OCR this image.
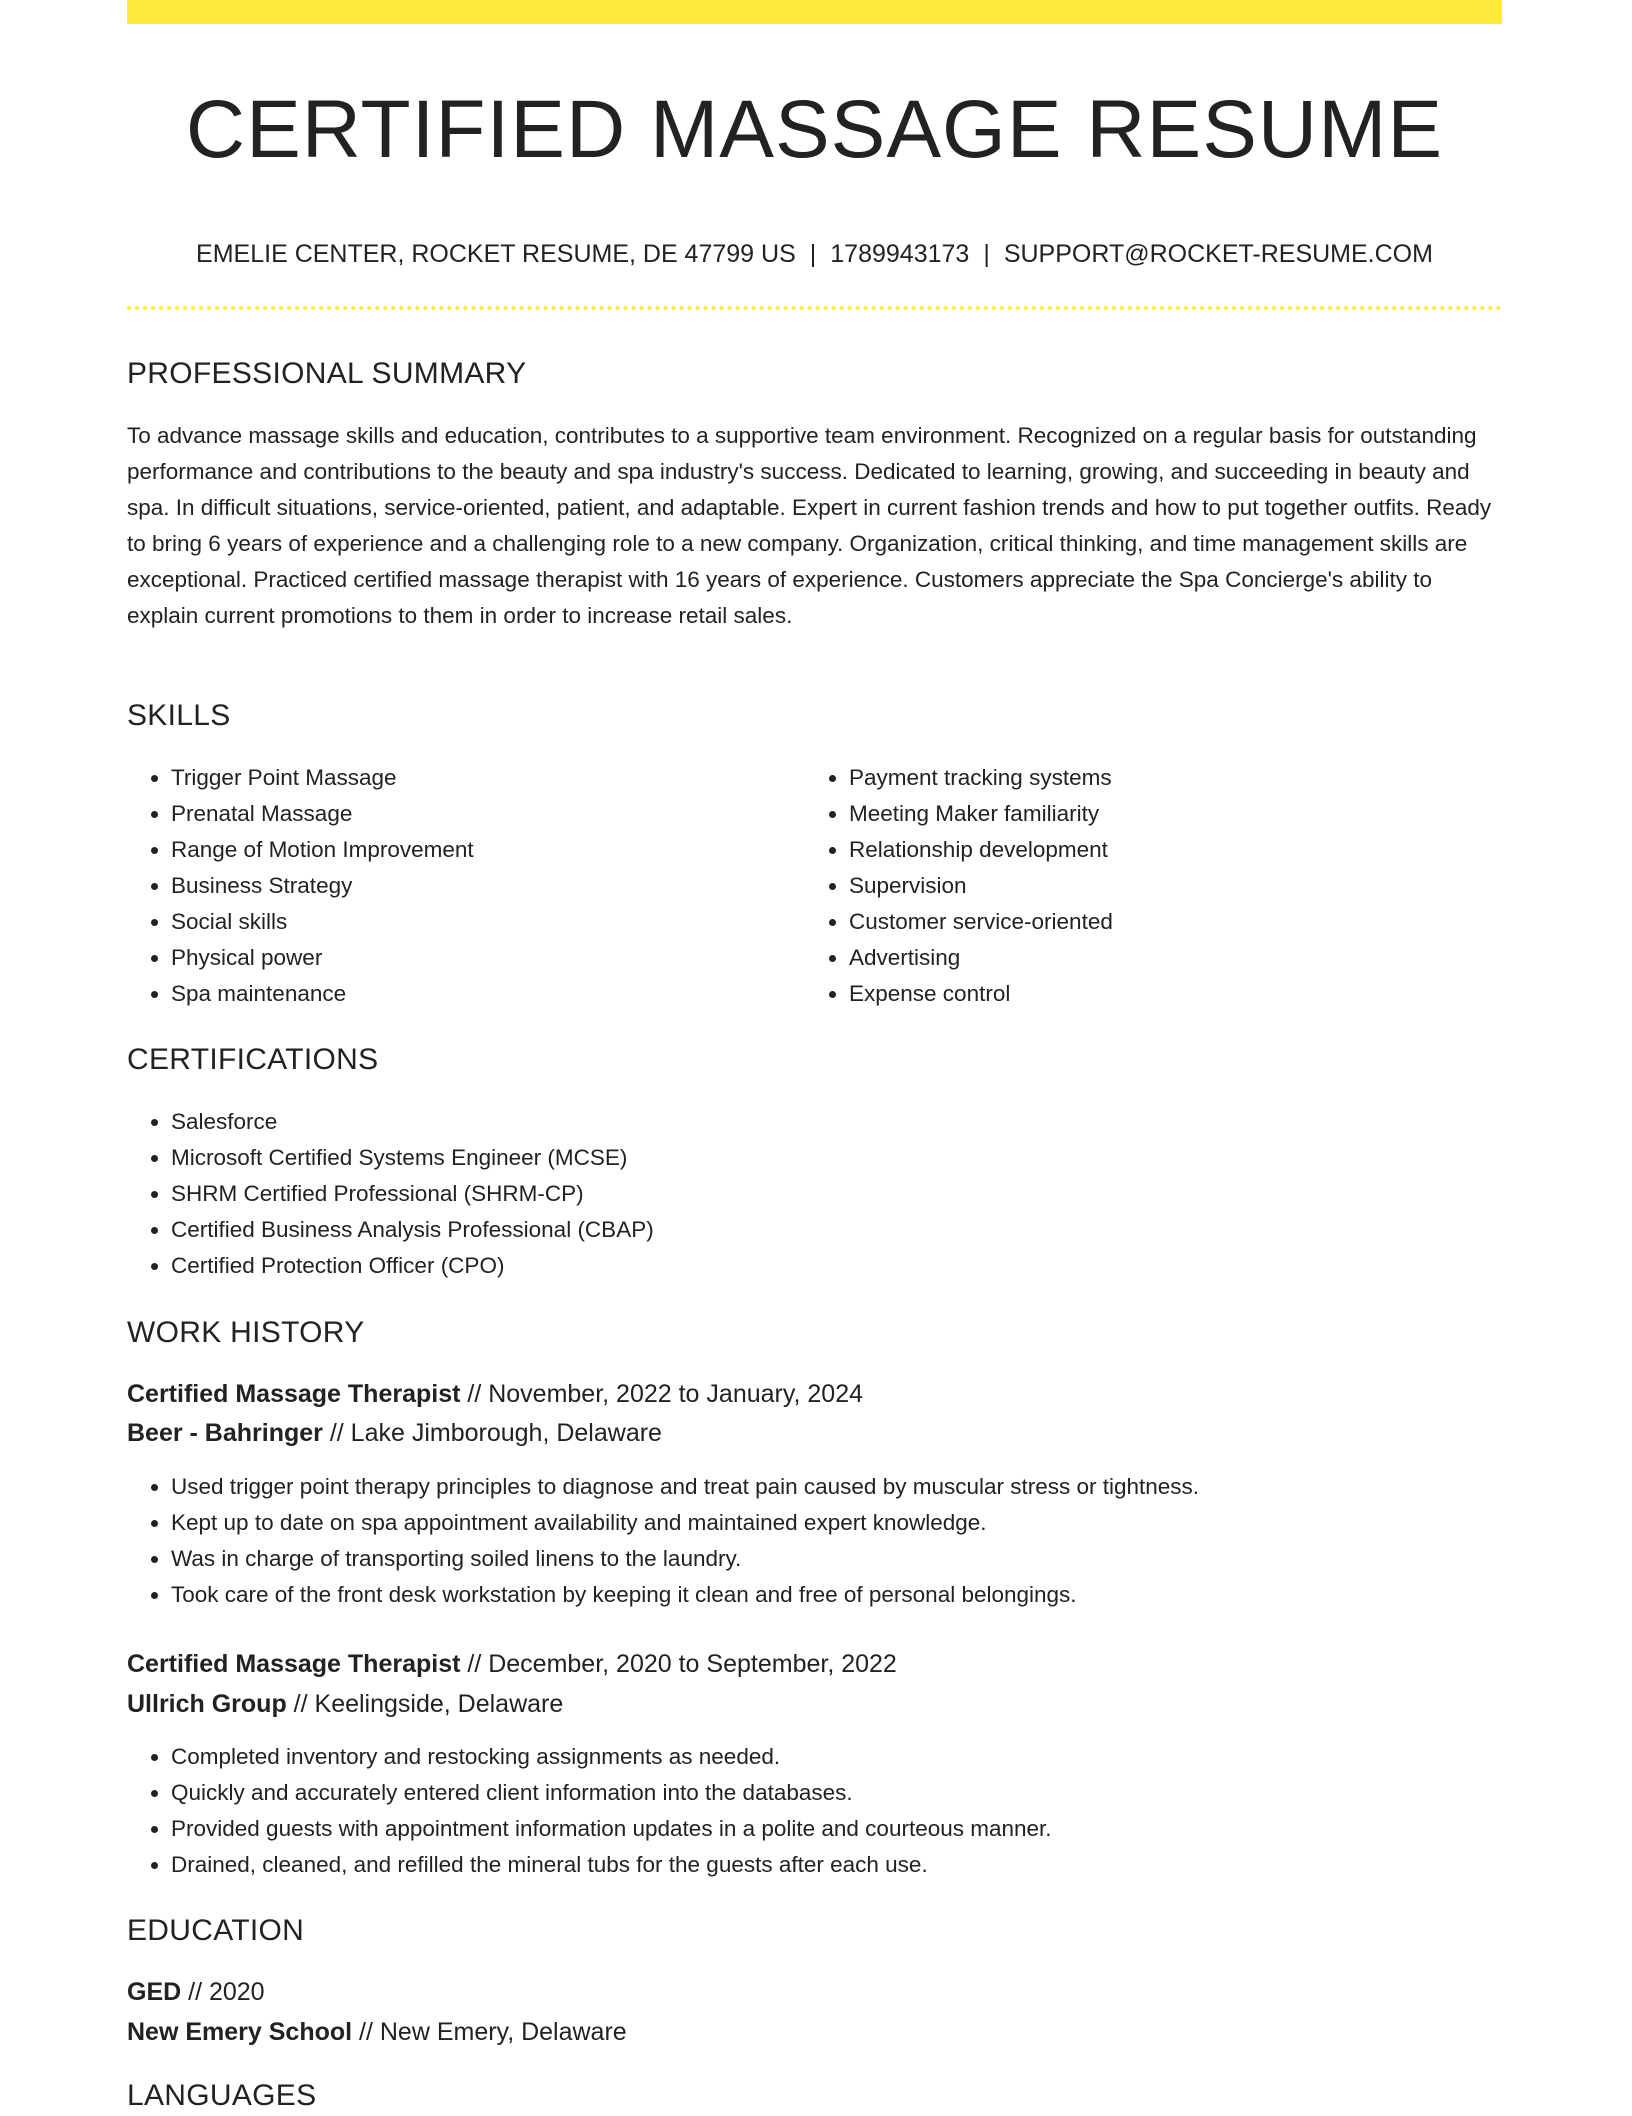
CERTIFIED MASSAGE RESUME
EMELIE CENTER, ROCKET RESUME, DE 47799 US | 1789943173 | SUPPORT@ROCKET-RESUME.COM
PROFESSIONAL SUMMARY

To advance massage skills and education, contributes to a supportive team environment. Recognized on a regular basis for outstanding performance and contributions to the beauty and spa industry's success. Dedicated to learning, growing, and succeeding in beauty and spa. In difficult situations, service-oriented, patient, and adaptable. Expert in current fashion trends and how to put together outfits. Ready to bring 6 years of experience and a challenging role to a new company. Organization, critical thinking, and time management skills are exceptional. Practiced certified massage therapist with 16 years of experience. Customers appreciate the Spa Concierge's ability to explain current promotions to them in order to increase retail sales.

SKILLS
• Trigger Point Massage
• Prenatal Massage
• Range of Motion Improvement
• Business Strategy
• Social skills
• Physical power
• Spa maintenance
• Payment tracking systems
• Meeting Maker familiarity
• Relationship development
• Supervision
• Customer service-oriented
• Advertising
• Expense control
CERTIFICATIONS
• Salesforce
• Microsoft Certified Systems Engineer (MCSE)
• SHRM Certified Professional (SHRM-CP)
• Certified Business Analysis Professional (CBAP)
• Certified Protection Officer (CPO)
WORK HISTORY
Certified Massage Therapist // November, 2022 to January, 2024
Beer - Bahringer // Lake Jimborough, Delaware
• Used trigger point therapy principles to diagnose and treat pain caused by muscular stress or tightness.
• Kept up to date on spa appointment availability and maintained expert knowledge.
• Was in charge of transporting soiled linens to the laundry.
• Took care of the front desk workstation by keeping it clean and free of personal belongings.
Certified Massage Therapist // December, 2020 to September, 2022
Ullrich Group // Keelingside, Delaware
• Completed inventory and restocking assignments as needed.
• Quickly and accurately entered client information into the databases.
• Provided guests with appointment information updates in a polite and courteous manner.
• Drained, cleaned, and refilled the mineral tubs for the guests after each use.
EDUCATION
GED // 2020
New Emery School // New Emery, Delaware
LANGUAGES
